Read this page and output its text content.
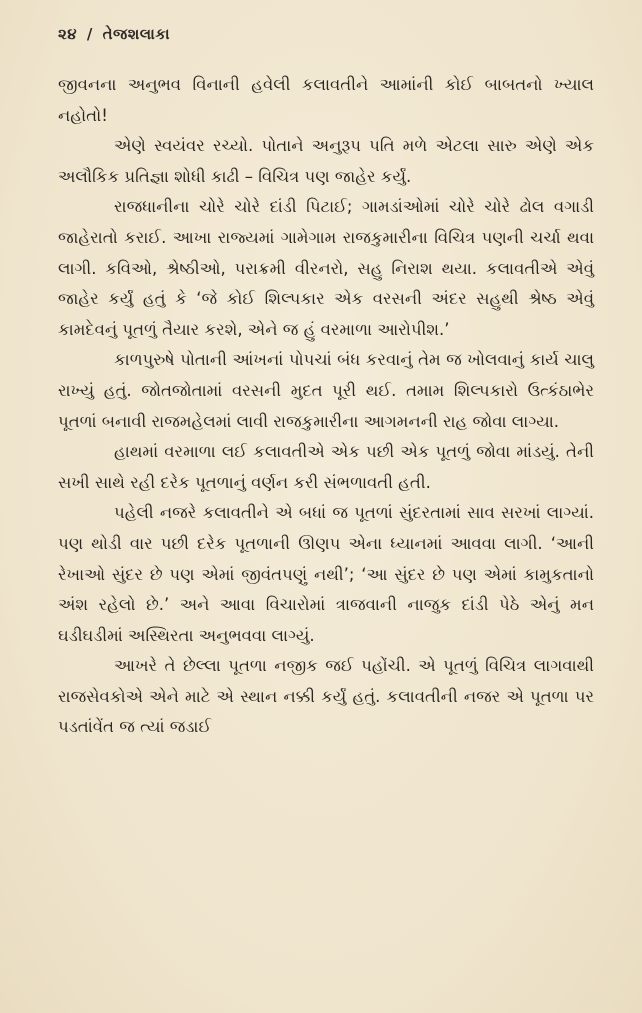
૨૪ / તેજશલાકા

જીવનના અનુભવ વિનાની હવેલી કલાવતીને આમાંની કોઈ બાબતનો ખ્યાલ નહોતો!

એણે સ્વયંવર રચ્યો. પોતાને અનુરૂપ પતિ મળે એટલા સારુ એણે એક અલૌકિક પ્રતિજ્ઞા શોધી કાઢી – વિચિત્ર પણ જાહેર કર્યું.

રાજધાનીના ચોરે ચોરે દાંડી પિટાઈ; ગામડાંઓમાં ચોરે ચોરે ઢોલ વગાડી જાહેરાતો કરાઈ. આખા રાજ્યમાં ગામેગામ રાજકુમારીના વિચિત્ર પણની ચર્ચા થવા લાગી. કવિઓ, શ્રેષ્ઠીઓ, પરાક્રમી વીરનરો, સહુ નિરાશ થયા. કલાવતીએ એવું જાહેર કર્યું હતું કે ‘જે કોઈ શિલ્પકાર એક વરસની અંદર સહુથી શ્રેષ્ઠ એવું કામદેવનું પૂતળું તૈયાર કરશે, એને જ હું વરમાળા આરોપીશ.’

કાળપુરુષે પોતાની આંખનાં પોપચાં બંધ કરવાનું તેમ જ ખોલવાનું કાર્ય ચાલુ રાખ્યું હતું. જોતજોતામાં વરસની મુદત પૂરી થઈ. તમામ શિલ્પકારો ઉત્કંઠાભેર પૂતળાં બનાવી રાજમહેલમાં લાવી રાજકુમારીના આગમનની રાહ જોવા લાગ્યા.

હાથમાં વરમાળા લઈ કલાવતીએ એક પછી એક પૂતળું જોવા માંડયું. તેની સખી સાથે રહી દરેક પૂતળાનું વર્ણન કરી સંભળાવતી હતી.

પહેલી નજરે કલાવતીને એ બધાં જ પૂતળાં સુંદરતામાં સાવ સરખાં લાગ્યાં. પણ થોડી વાર પછી દરેક પૂતળાની ઊણપ એના ધ્યાનમાં આવવા લાગી. ‘આની રેખાઓ સુંદર છે પણ એમાં જીવંતપણું નથી’; ‘આ સુંદર છે પણ એમાં કામુકતાનો અંશ રહેલો છે.’ અને આવા વિચારોમાં ત્રાજવાની નાજુક દાંડી પેઠે એનું મન ઘડીઘડીમાં અસ્થિરતા અનુભવવા લાગ્યું.

આખરે તે છેલ્લા પૂતળા નજીક જઈ પહોંચી. એ પૂતળું વિચિત્ર લાગવાથી રાજસેવકોએ એને માટે એ સ્થાન નક્કી કર્યું હતું. કલાવતીની નજર એ પૂતળા પર પડતાંવેંત જ ત્યાં જડાઈ
